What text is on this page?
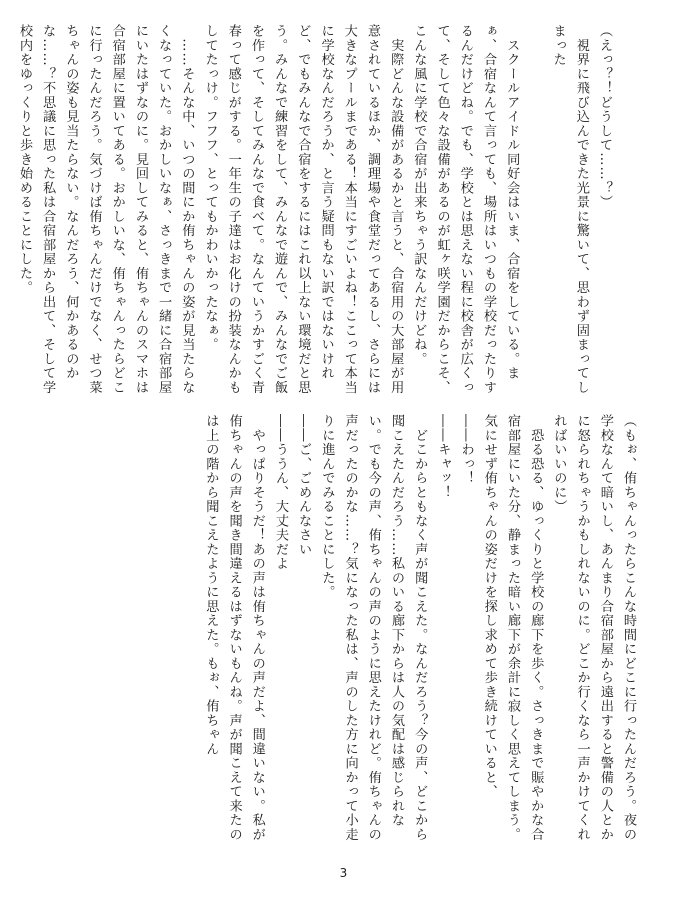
（えっ？！どうして……？）

　視界に飛び込んできた光景に驚いて、思わず固まってしまった

　スクールアイドル同好会はいま、合宿をしている。まぁ、合宿なんて言っても、場所はいつもの学校だったりするんだけどね。でも、学校とは思えない程に校舎が広くって、そして色々な設備があるのが虹ヶ咲学園だからこそ、こんな風に学校で合宿が出来ちゃう訳なんだけどね。

　実際どんな設備があるかと言うと、合宿用の大部屋が用意されているほか、調理場や食堂だってあるし、さらには大きなプールまである！本当にすごいよね！ここって本当に学校なんだろうか、と言う疑問もない訳ではないけれど、でもみんなで合宿をするにはこれ以上ない環境だと思う。みんなで練習をして、みんなで遊んで、みんなでご飯を作って、そしてみんなで食べて。なんていうかすごく青春って感じがする。一年生の子達はお化けの扮装なんかもしてたっけ。フフフ、とってもかわいかったなぁ。

　……そんな中、いつの間にか侑ちゃんの姿が見当たらなくなっていた。おかしいなぁ、さっきまで一緒に合宿部屋にいたはずなのに。見回してみると、侑ちゃんのスマホは合宿部屋に置いてある。おかしいな、侑ちゃんったらどこに行ったんだろう。気づけば侑ちゃんだけでなく、せつ菜ちゃんの姿も見当たらない。なんだろう、何かあるのかな……？不思議に思った私は合宿部屋から出て、そして学校内をゆっくりと歩き始めることにした。

（もぉ、侑ちゃんったらこんな時間にどこに行ったんだろう。夜の学校なんて暗いし、あんまり合宿部屋から遠出すると警備の人とかに怒られちゃうかもしれないのに。どこか行くなら一声かけてくれればいいのに）

　恐る恐る、ゆっくりと学校の廊下を歩く。さっきまで賑やかな合宿部屋にいた分、静まった暗い廊下が余計に寂しく思えてしまう。気にせず侑ちゃんの姿だけを探し求めて歩き続けていると、

――わっ！

――キャッ！

　どこからともなく声が聞こえた。なんだろう？今の声、どこから聞こえたんだろう……私のいる廊下からは人の気配は感じられない。でも今の声、侑ちゃんの声のように思えたけれど。侑ちゃんの声だったのかな……？気になった私は、声のした方に向かって小走りに進んでみることにした。

――ご、ごめんなさい

――ううん、大丈夫だよ

　やっぱりそうだ！あの声は侑ちゃんの声だよ、間違いない。私が侑ちゃんの声を聞き間違えるはずないもんね。声が聞こえて来たのは上の階から聞こえたように思えた。もぉ、侑ちゃん

3
